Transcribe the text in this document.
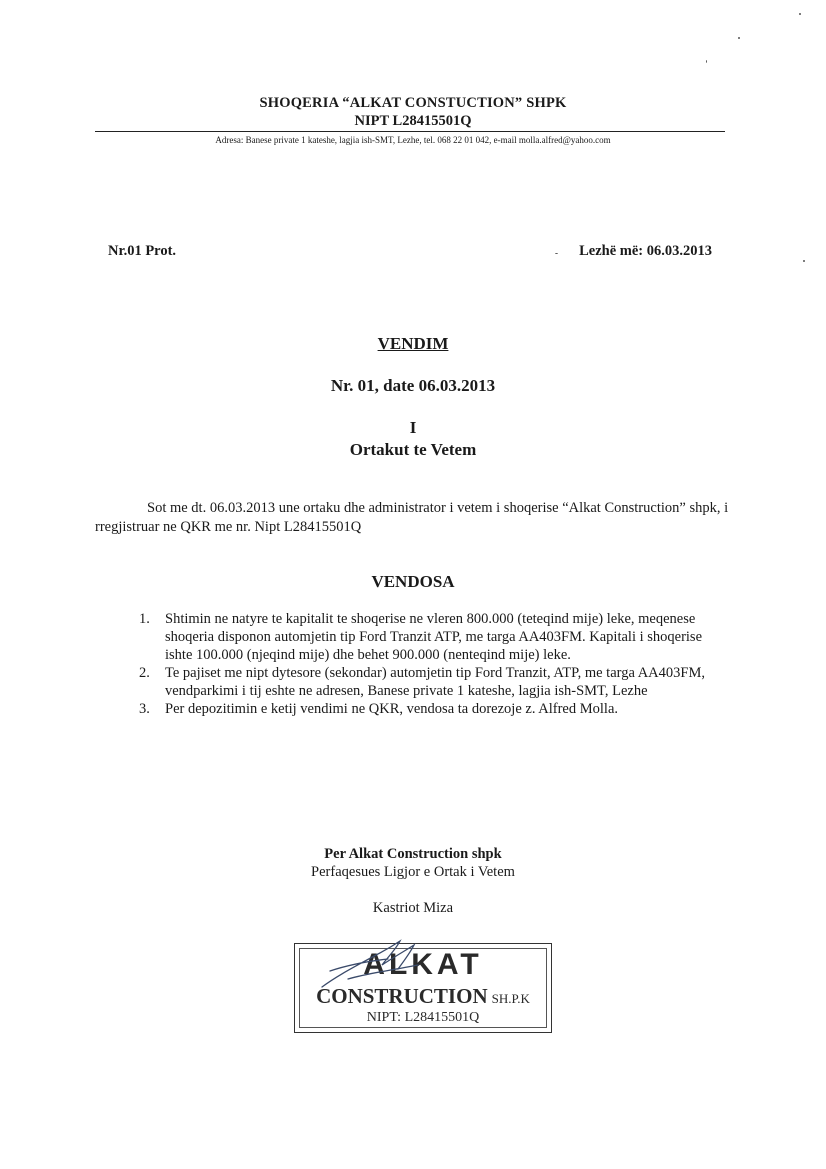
SHOQERIA “ALKAT CONSTUCTION” SHPK
NIPT L28415501Q
Adresa: Banese private 1 kateshe, lagjia ish-SMT, Lezhe, tel. 068 22 01 042, e-mail molla.alfred@yahoo.com
Nr.01 Prot.	Lezhë më: 06.03.2013
VENDIM
Nr. 01, date 06.03.2013
I
Ortakut te Vetem
Sot me dt. 06.03.2013 une ortaku dhe administrator i vetem i shoqerise “Alkat Construction” shpk, i rregjistruar ne QKR me nr. Nipt L28415501Q
VENDOSA
1. Shtimin ne natyre te kapitalit te shoqerise ne vleren 800.000 (teteqind mije) leke, meqenese shoqeria disponon automjetin tip Ford Tranzit ATP, me targa AA403FM. Kapitali i shoqerise ishte 100.000 (njeqind mije) dhe behet 900.000 (nenteqind mije) leke.
2. Te pajiset me nipt dytesore (sekondar) automjetin tip Ford Tranzit, ATP, me targa AA403FM, vendparkimi i tij eshte ne adresen, Banese private 1 kateshe, lagjia ish-SMT, Lezhe
3. Per depozitimin e ketij vendimi ne QKR, vendosa ta dorezoje z. Alfred Molla.
Per Alkat Construction shpk
Perfaqesues Ligjor e Ortak i Vetem
Kastriot Miza
ALKAT
CONSTRUCTION SH.P.K
NIPT: L28415501Q
